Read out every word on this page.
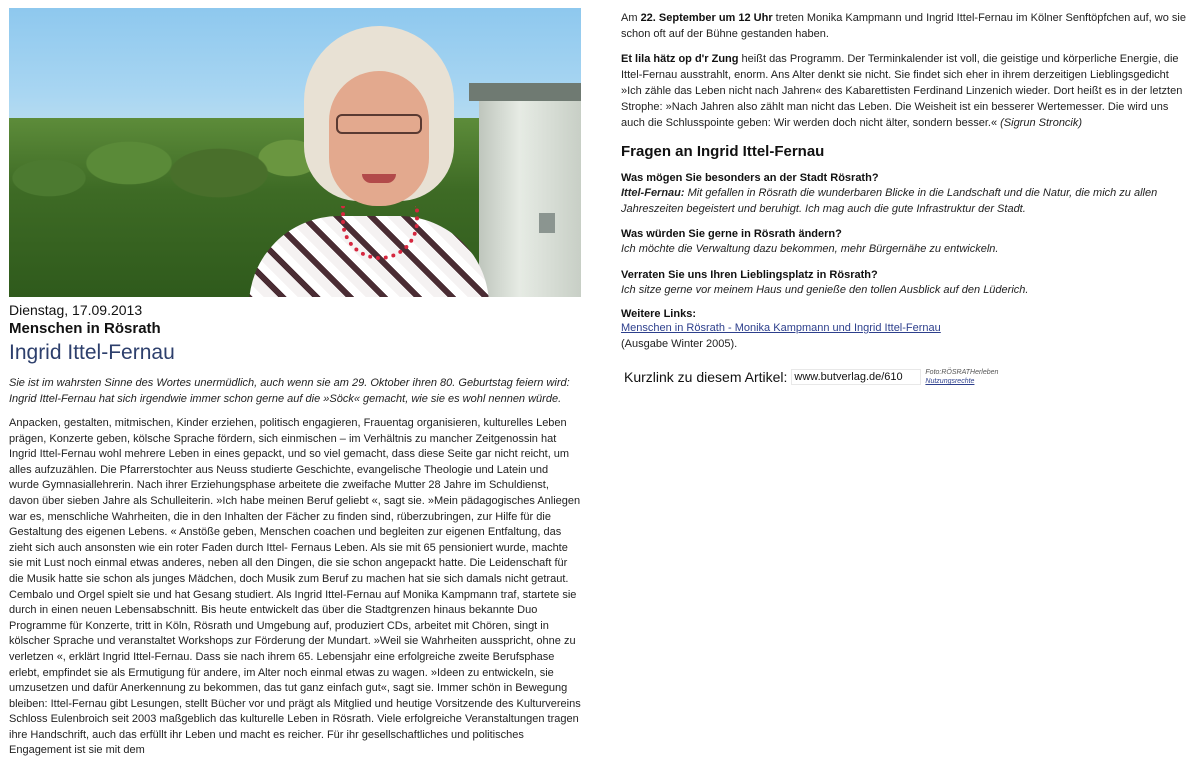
Dienstag, 17.09.2013
Menschen in Rösrath
Ingrid Ittel-Fernau
Sie ist im wahrsten Sinne des Wortes unermüdlich, auch wenn sie am 29. Oktober ihren 80. Geburtstag feiern wird: Ingrid Ittel-Fernau hat sich irgendwie immer schon gerne auf die »Söck« gemacht, wie sie es wohl nennen würde.
Anpacken, gestalten, mitmischen, Kinder erziehen, politisch engagieren, Frauentag organisieren, kulturelles Leben prägen, Konzerte geben, kölsche Sprache fördern, sich einmischen – im Verhältnis zu mancher Zeitgenossin hat Ingrid Ittel-Fernau wohl mehrere Leben in eines gepackt, und so viel gemacht, dass diese Seite gar nicht reicht, um alles aufzuzählen. Die Pfarrerstochter aus Neuss studierte Geschichte, evangelische Theologie und Latein und wurde Gymnasiallehrerin. Nach ihrer Erziehungsphase arbeitete die zweifache Mutter 28 Jahre im Schuldienst, davon über sieben Jahre als Schulleiterin. »Ich habe meinen Beruf geliebt «, sagt sie. »Mein pädagogisches Anliegen war es, menschliche Wahrheiten, die in den Inhalten der Fächer zu finden sind, rüberzubringen, zur Hilfe für die Gestaltung des eigenen Lebens. « Anstöße geben, Menschen coachen und begleiten zur eigenen Entfaltung, das zieht sich auch ansonsten wie ein roter Faden durch Ittel- Fernaus Leben. Als sie mit 65 pensioniert wurde, machte sie mit Lust noch einmal etwas anderes, neben all den Dingen, die sie schon angepackt hatte. Die Leidenschaft für die Musik hatte sie schon als junges Mädchen, doch Musik zum Beruf zu machen hat sie sich damals nicht getraut. Cembalo und Orgel spielt sie und hat Gesang studiert. Als Ingrid Ittel-Fernau auf Monika Kampmann traf, startete sie durch in einen neuen Lebensabschnitt. Bis heute entwickelt das über die Stadtgrenzen hinaus bekannte Duo Programme für Konzerte, tritt in Köln, Rösrath und Umgebung auf, produziert CDs, arbeitet mit Chören, singt in kölscher Sprache und veranstaltet Workshops zur Förderung der Mundart. »Weil sie Wahrheiten ausspricht, ohne zu verletzen «, erklärt Ingrid Ittel-Fernau. Dass sie nach ihrem 65. Lebensjahr eine erfolgreiche zweite Berufsphase erlebt, empfindet sie als Ermutigung für andere, im Alter noch einmal etwas zu wagen. »Ideen zu entwickeln, sie umzusetzen und dafür Anerkennung zu bekommen, das tut ganz einfach gut«, sagt sie. Immer schön in Bewegung bleiben: Ittel-Fernau gibt Lesungen, stellt Bücher vor und prägt als Mitglied und heutige Vorsitzende des Kulturvereins Schloss Eulenbroich seit 2003 maßgeblich das kulturelle Leben in Rösrath. Viele erfolgreiche Veranstaltungen tragen ihre Handschrift, auch das erfüllt ihr Leben und macht es reicher. Für ihr gesellschaftliches und politisches Engagement ist sie mit dem

Am 22. September um 12 Uhr treten Monika Kampmann und Ingrid Ittel-Fernau im Kölner Senftöpfchen auf, wo sie schon oft auf der Bühne gestanden haben.

Et lila hätz op d'r Zung heißt das Programm. Der Terminkalender ist voll, die geistige und körperliche Energie, die Ittel-Fernau ausstrahlt, enorm. Ans Alter denkt sie nicht. Sie findet sich eher in ihrem derzeitigen Lieblingsgedicht »Ich zähle das Leben nicht nach Jahren« des Kabarettisten Ferdinand Linzenich wieder. Dort heißt es in der letzten Strophe: »Nach Jahren also zählt man nicht das Leben. Die Weisheit ist ein besserer Wertemesser. Die wird uns auch die Schlusspointe geben: Wir werden doch nicht älter, sondern besser.« (Sigrun Stroncik)

Fragen an Ingrid Ittel-Fernau
Was mögen Sie besonders an der Stadt Rösrath?
Ittel-Fernau: Mit gefallen in Rösrath die wunderbaren Blicke in die Landschaft und die Natur, die mich zu allen Jahreszeiten begeistert und beruhigt. Ich mag auch die gute Infrastruktur der Stadt.
Was würden Sie gerne in Rösrath ändern?
Ich möchte die Verwaltung dazu bekommen, mehr Bürgernähe zu entwickeln.
Verraten Sie uns Ihren Lieblingsplatz in Rösrath?
Ich sitze gerne vor meinem Haus und genieße den tollen Ausblick auf den Lüderich.
Weitere Links:
Menschen in Rösrath - Monika Kampmann und Ingrid Ittel-Fernau
(Ausgabe Winter 2005).
Kurzlink zu diesem Artikel:
www.butverlag.de/610	Foto:RÖSRATHerleben
Nutzungsrechte
